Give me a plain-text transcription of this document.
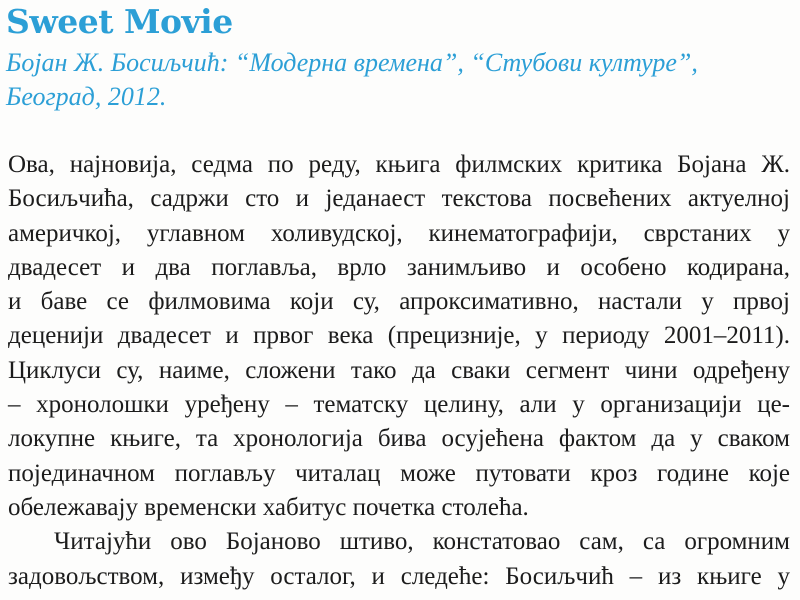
Sweet Movie

Бојан Ж. Босиљчић: “Модерна времена”, “Стубови културе”,
Београд, 2012.

Ова, најновија, седма по реду, књига филмских критика Бојана Ж.
Босиљчића, садржи сто и једанаест текстова посвећених актуелној
америчкој, углавном холивудској, кинематографији, сврстаних у
двадесет и два поглавља, врло занимљиво и особено кодирана,
и баве се филмовима који су, апроксимативно, настали у првој
деценији двадесет и првог века (прецизније, у периоду 2001–2011).
Циклуси су, наиме, сложени тако да сваки сегмент чини одређену
– хронолошки уређену – тематску целину, али у организацији це-
локупне књиге, та хронологија бива осујећена фактом да у сваком
појединачном поглављу читалац може путовати кроз године које
обележавају временски хабитус почетка столећа.
Читајући ово Бојаново штиво, констатовао сам, са огромним
задовољством, између осталог, и следеће: Босиљчић – из књиге у
